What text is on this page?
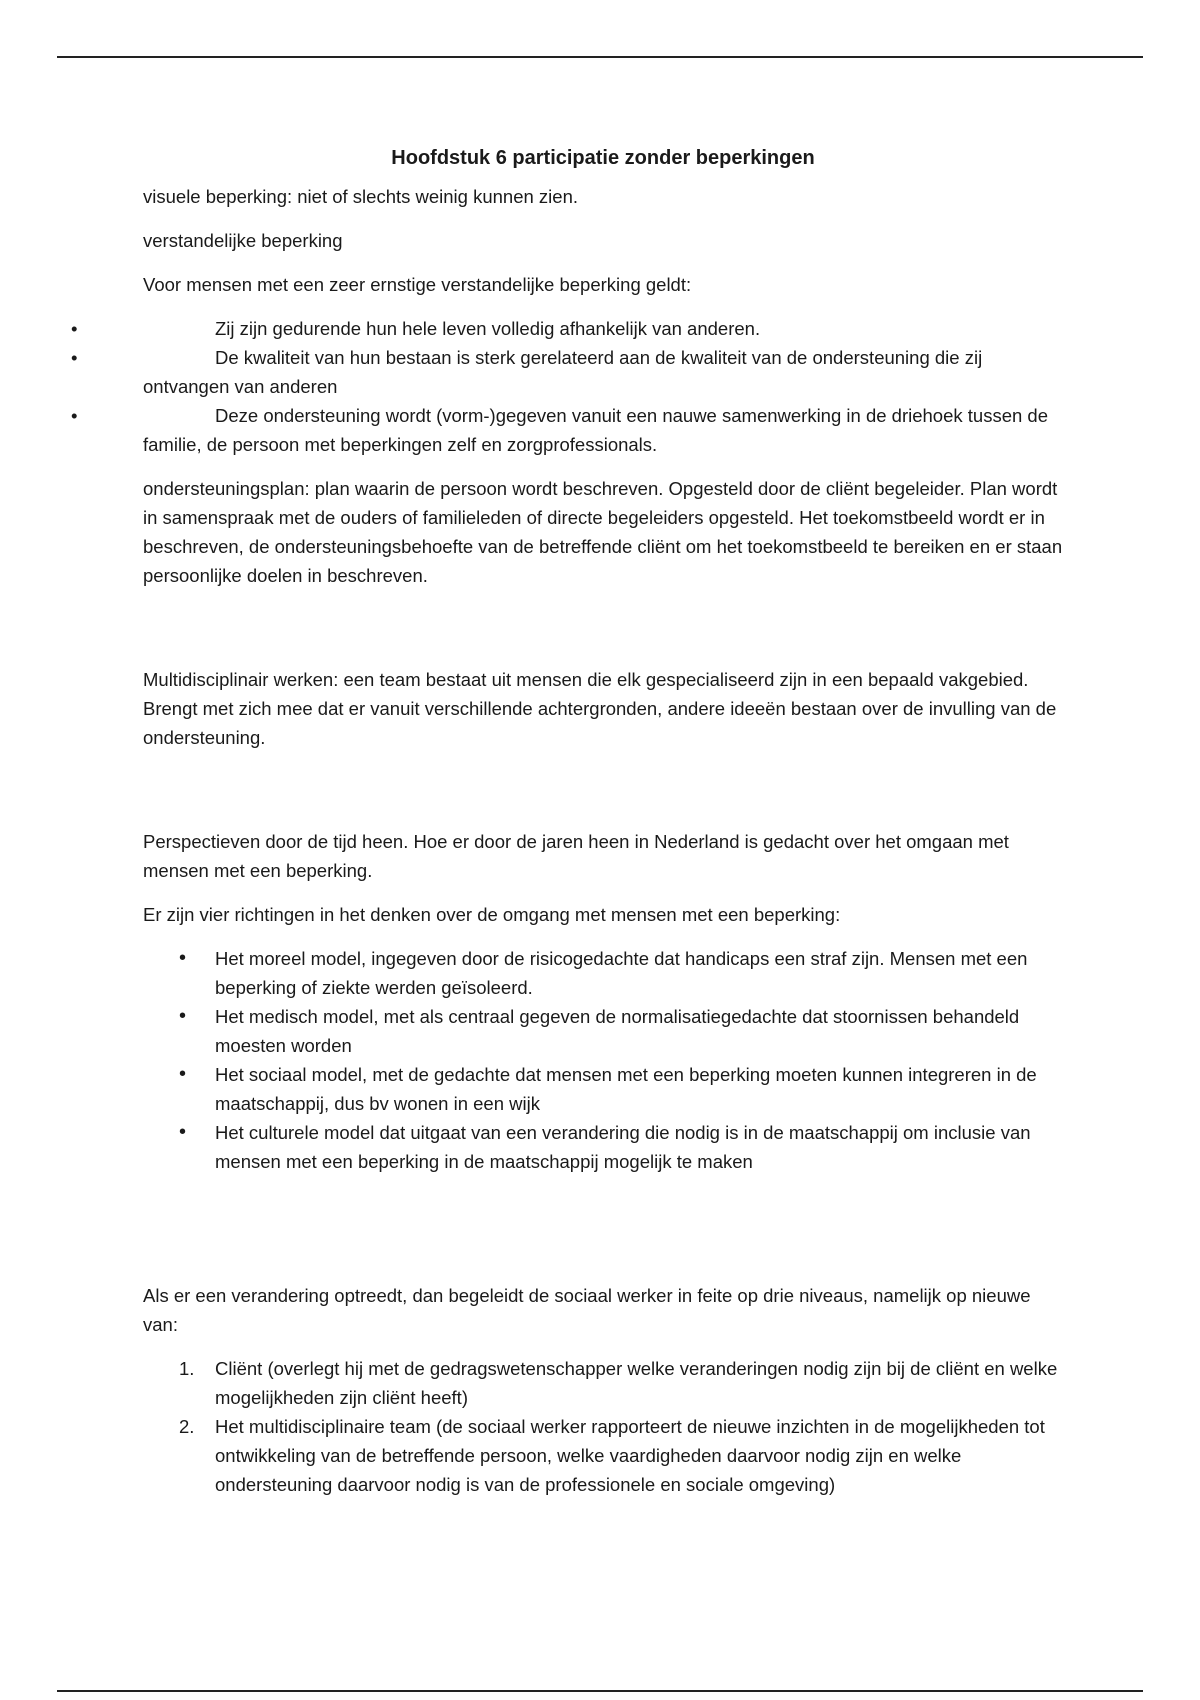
Hoofdstuk 6 participatie zonder beperkingen

visuele beperking: niet of slechts weinig kunnen zien.

verstandelijke beperking

Voor mensen met een zeer ernstige verstandelijke beperking geldt:

• Zij zijn gedurende hun hele leven volledig afhankelijk van anderen.
• De kwaliteit van hun bestaan is sterk gerelateerd aan de kwaliteit van de ondersteuning die zij ontvangen van anderen
• Deze ondersteuning wordt (vorm-)gegeven vanuit een nauwe samenwerking in de driehoek tussen de familie, de persoon met beperkingen zelf en zorgprofessionals.

ondersteuningsplan: plan waarin de persoon wordt beschreven. Opgesteld door de cliënt begeleider. Plan wordt in samenspraak met de ouders of familieleden of directe begeleiders opgesteld. Het toekomstbeeld wordt er in beschreven, de ondersteuningsbehoefte van de betreffende cliënt om het toekomstbeeld te bereiken en er staan persoonlijke doelen in beschreven.

Multidisciplinair werken: een team bestaat uit mensen die elk gespecialiseerd zijn in een bepaald vakgebied. Brengt met zich mee dat er vanuit verschillende achtergronden, andere ideeën bestaan over de invulling van de ondersteuning.

Perspectieven door de tijd heen. Hoe er door de jaren heen in Nederland is gedacht over het omgaan met mensen met een beperking.

Er zijn vier richtingen in het denken over de omgang met mensen met een beperking:

• Het moreel model, ingegeven door de risicogedachte dat handicaps een straf zijn. Mensen met een beperking of ziekte werden geïsoleerd.
• Het medisch model, met als centraal gegeven de normalisatiegedachte dat stoornissen behandeld moesten worden
• Het sociaal model, met de gedachte dat mensen met een beperking moeten kunnen integreren in de maatschappij, dus bv wonen in een wijk
• Het culturele model dat uitgaat van een verandering die nodig is in de maatschappij om inclusie van mensen met een beperking in de maatschappij mogelijk te maken

Als er een verandering optreedt, dan begeleidt de sociaal werker in feite op drie niveaus, namelijk op nieuwe van:

1. Cliënt (overlegt hij met de gedragswetenschapper welke veranderingen nodig zijn bij de cliënt en welke mogelijkheden zijn cliënt heeft)
2. Het multidisciplinaire team (de sociaal werker rapporteert de nieuwe inzichten in de mogelijkheden tot ontwikkeling van de betreffende persoon, welke vaardigheden daarvoor nodig zijn en welke ondersteuning daarvoor nodig is van de professionele en sociale omgeving)
